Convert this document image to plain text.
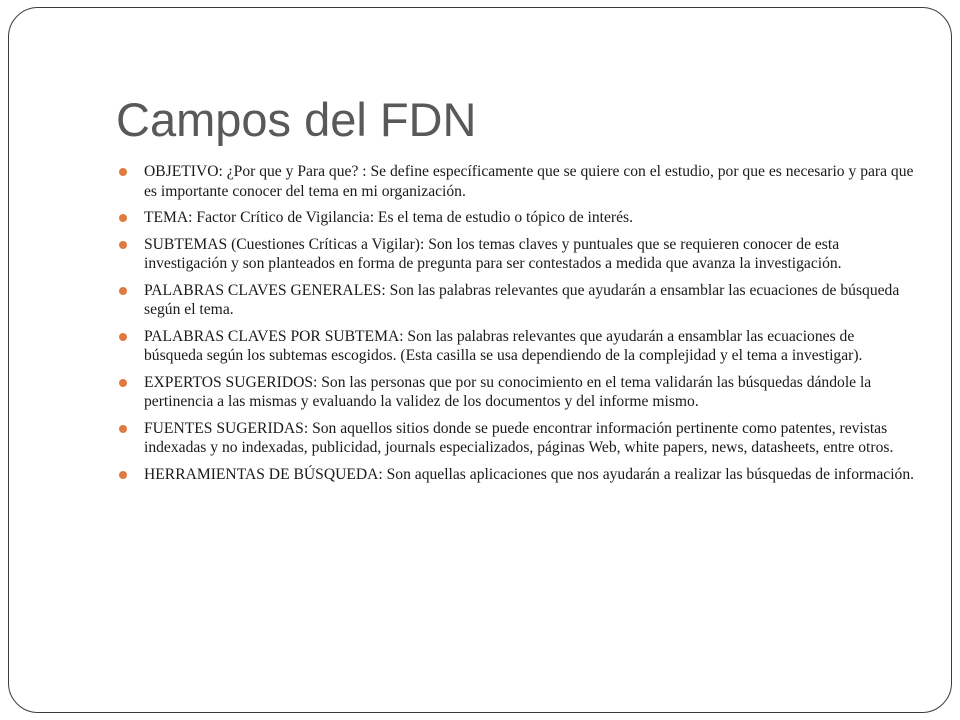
Campos del FDN
OBJETIVO: ¿Por que y Para que? : Se define específicamente que se quiere con el estudio, por que es necesario y para que es importante conocer del tema en mi organización.
TEMA: Factor Crítico de Vigilancia: Es el tema de estudio o tópico de interés.
SUBTEMAS (Cuestiones Críticas a Vigilar): Son los temas claves y puntuales que se requieren conocer de esta investigación y son planteados en forma de pregunta para ser contestados a medida que avanza la investigación.
PALABRAS CLAVES GENERALES: Son las palabras relevantes que ayudarán a ensamblar las ecuaciones de búsqueda según el tema.
PALABRAS CLAVES POR SUBTEMA: Son las palabras relevantes que ayudarán a ensamblar las ecuaciones de búsqueda según los subtemas escogidos. (Esta casilla se usa dependiendo de la complejidad y el tema a investigar).
EXPERTOS SUGERIDOS: Son las personas que por su conocimiento en el tema validarán las búsquedas dándole la pertinencia a las mismas y evaluando la validez de los documentos y del informe mismo.
FUENTES SUGERIDAS: Son aquellos sitios donde se puede encontrar información pertinente como patentes, revistas indexadas y no indexadas, publicidad, journals especializados, páginas Web, white papers, news, datasheets, entre otros.
HERRAMIENTAS DE BÚSQUEDA: Son aquellas aplicaciones que nos ayudarán a realizar las búsquedas de información.
